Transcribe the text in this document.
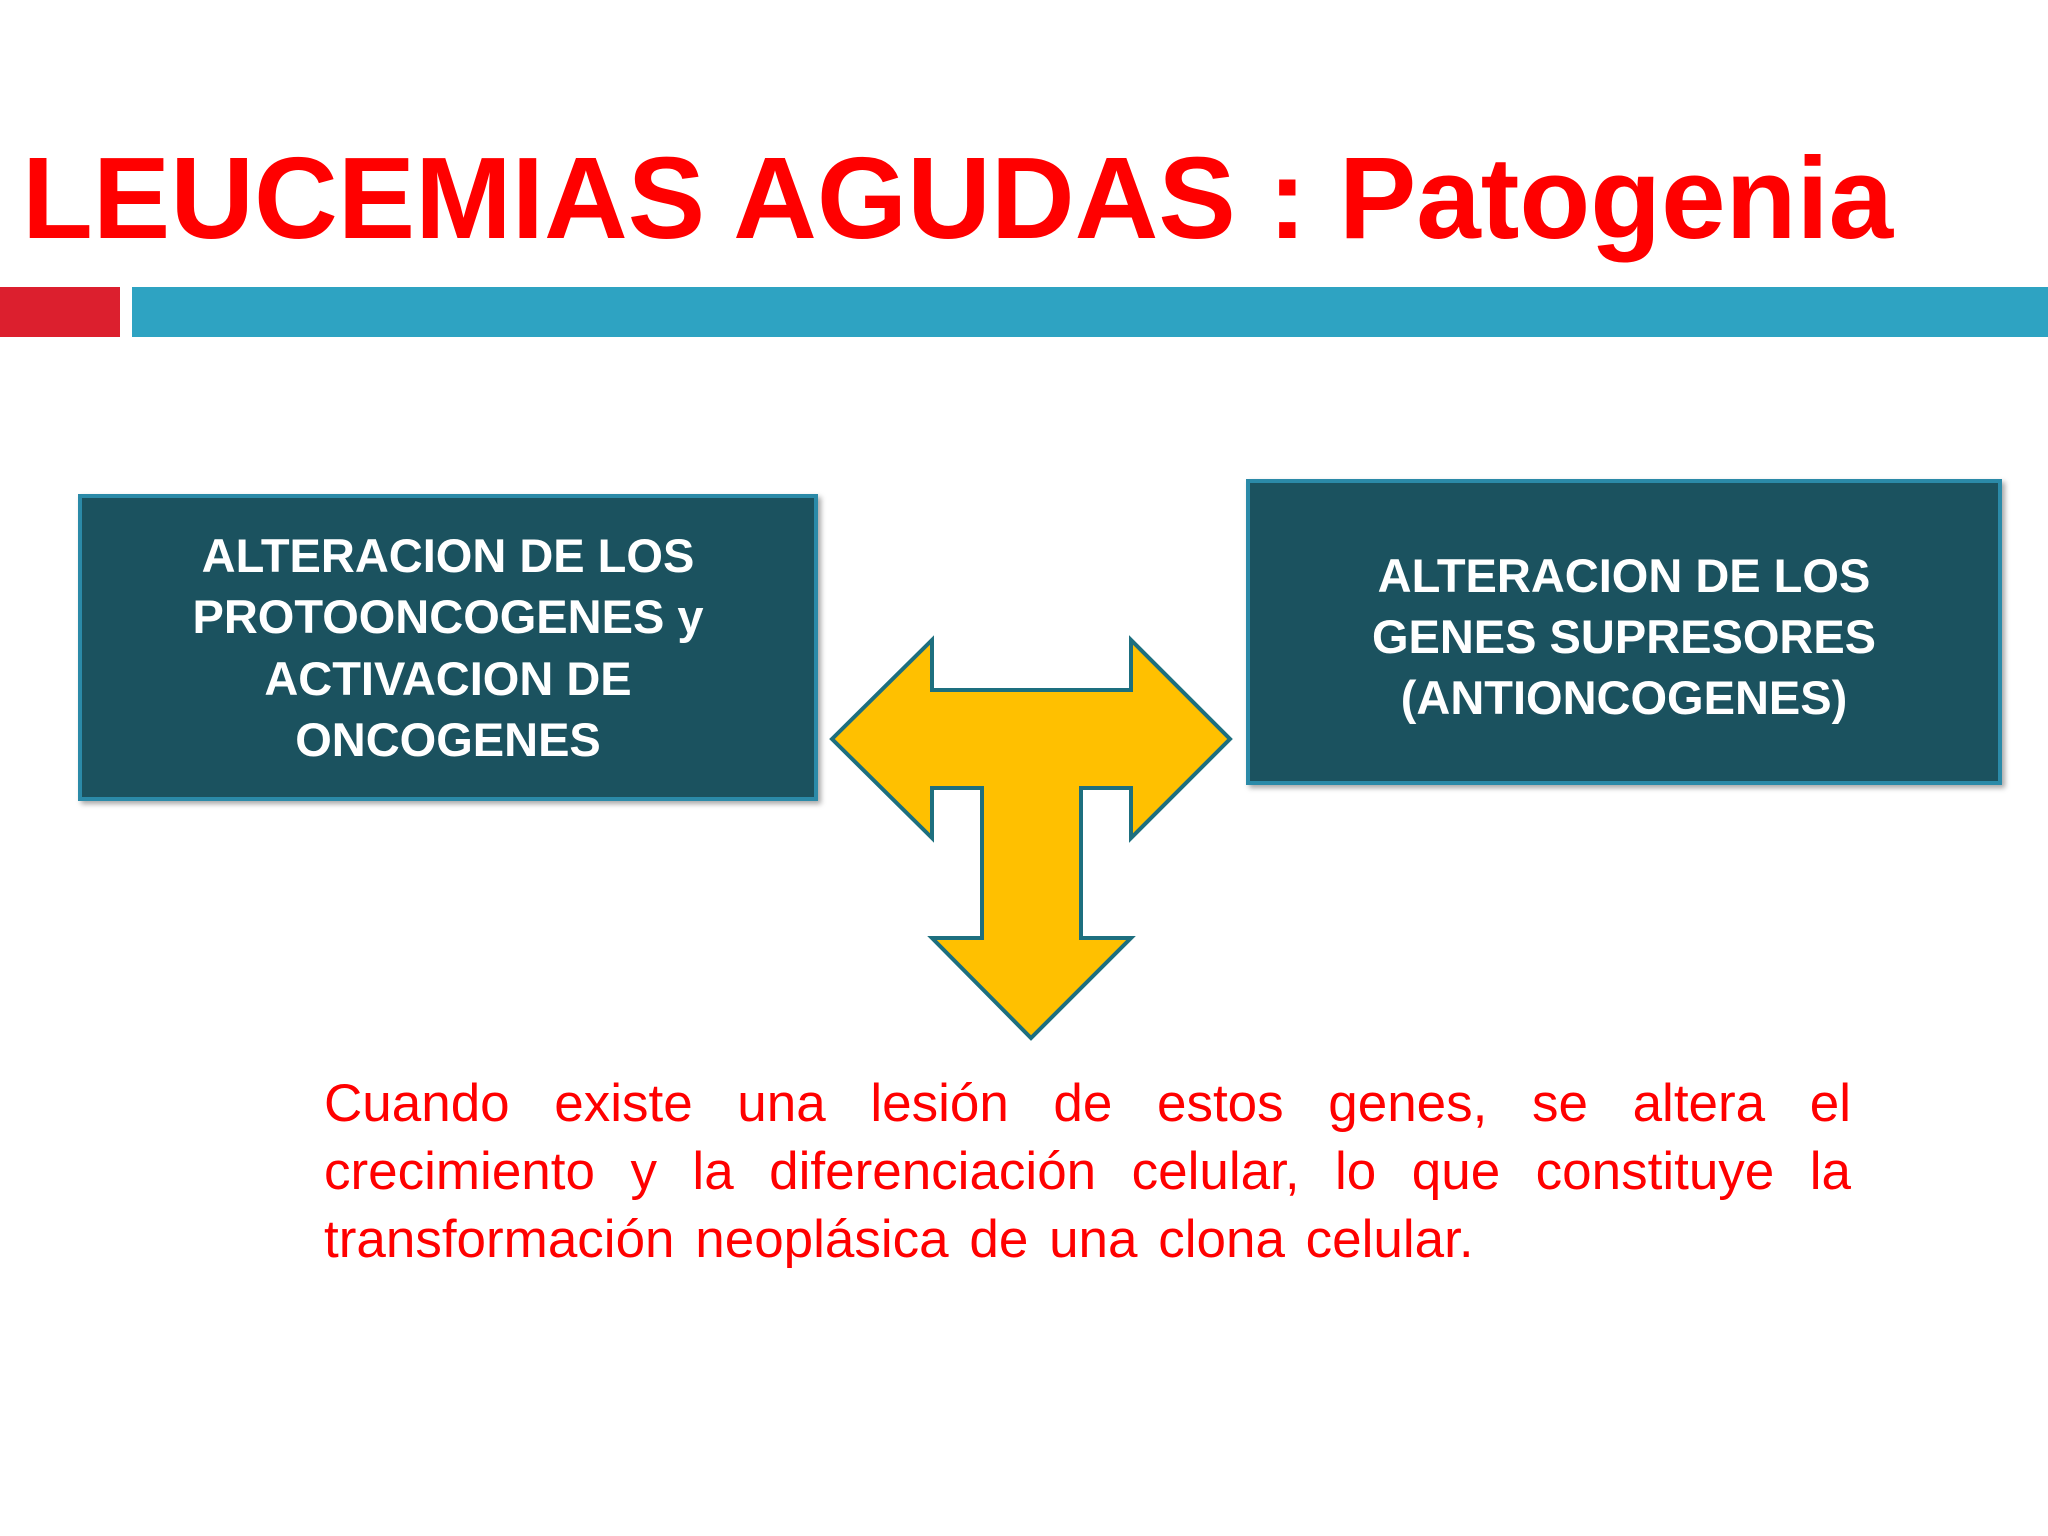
LEUCEMIAS AGUDAS : Patogenia
ALTERACION DE LOS
PROTOONCOGENES y
ACTIVACION DE
ONCOGENES
ALTERACION DE LOS
GENES SUPRESORES
(ANTIONCOGENES)

Cuando existe una lesión de estos genes, se altera el crecimiento y la diferenciación celular, lo que constituye la transformación neoplásica de una clona celular.
